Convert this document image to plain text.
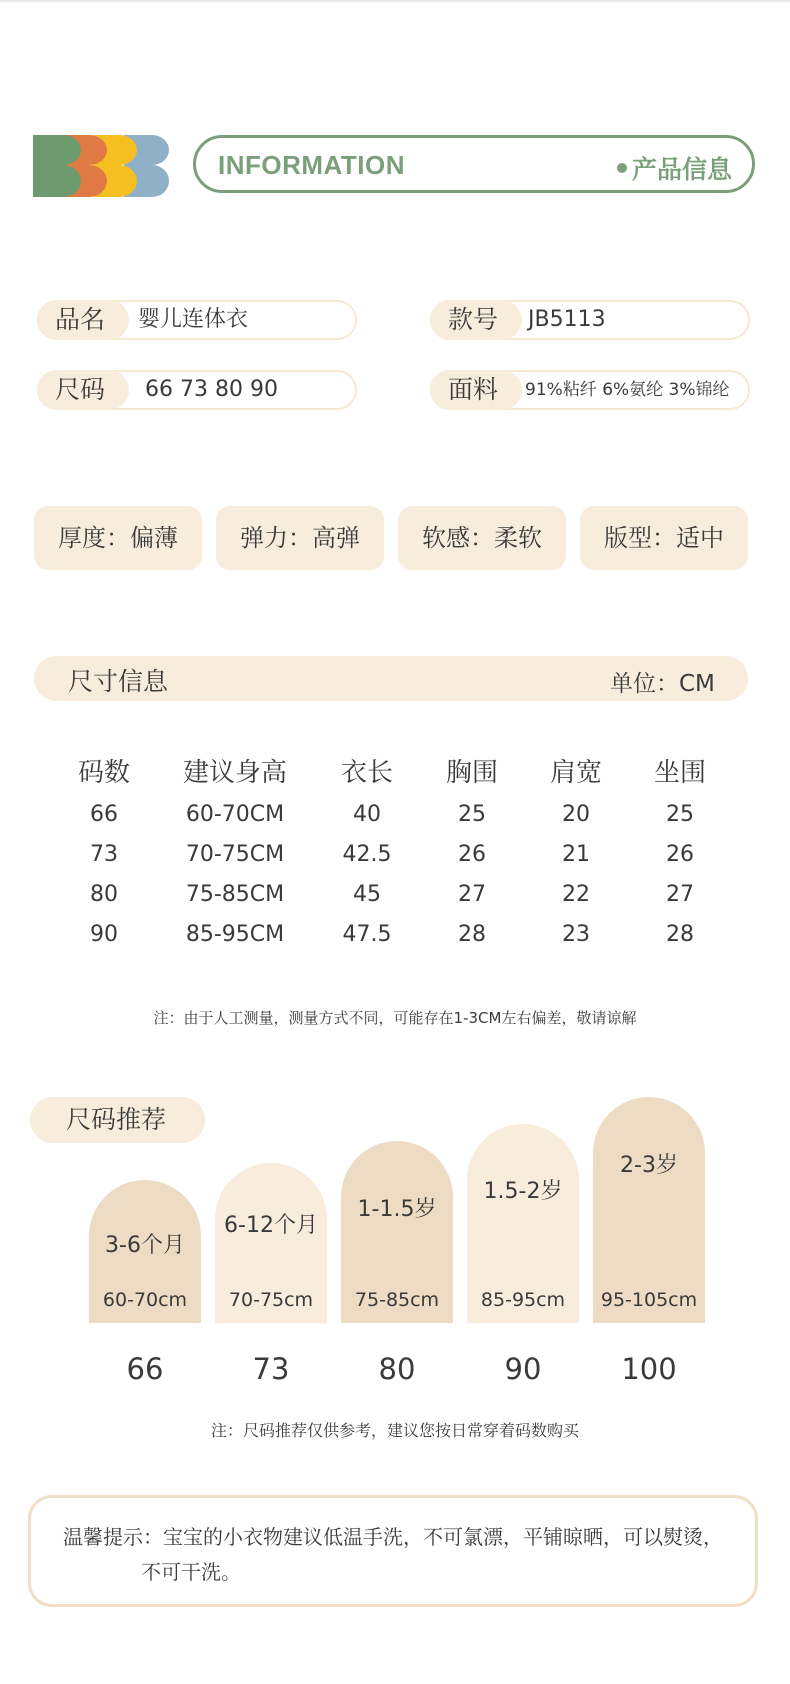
INFORMATION	产品信息
品名	婴儿连体衣	款号	JB5113
尺码	66 73 80 90	面料	91%粘纤 6%氨纶 3%锦纶
厚度：偏薄	弹力：高弹	软感：柔软	版型：适中
尺寸信息	单位：CM
码数	建议身高	衣长	胸围	肩宽	坐围
66	60-70CM	40	25	20	25
73	70-75CM	42.5	26	21	26
80	75-85CM	45	27	22	27
90	85-95CM	47.5	28	23	28
注：由于人工测量，测量方式不同，可能存在1-3CM左右偏差，敬请谅解
尺码推荐
3-6个月
6-12个月
1-1.5岁
1.5-2岁
2-3岁
60-70cm	70-75cm	75-85cm	85-95cm	95-105cm
66	73	80	90	100
注：尺码推荐仅供参考，建议您按日常穿着码数购买
温馨提示：宝宝的小衣物建议低温手洗，不可氯漂，平铺晾晒，可以熨烫，
不可干洗。
